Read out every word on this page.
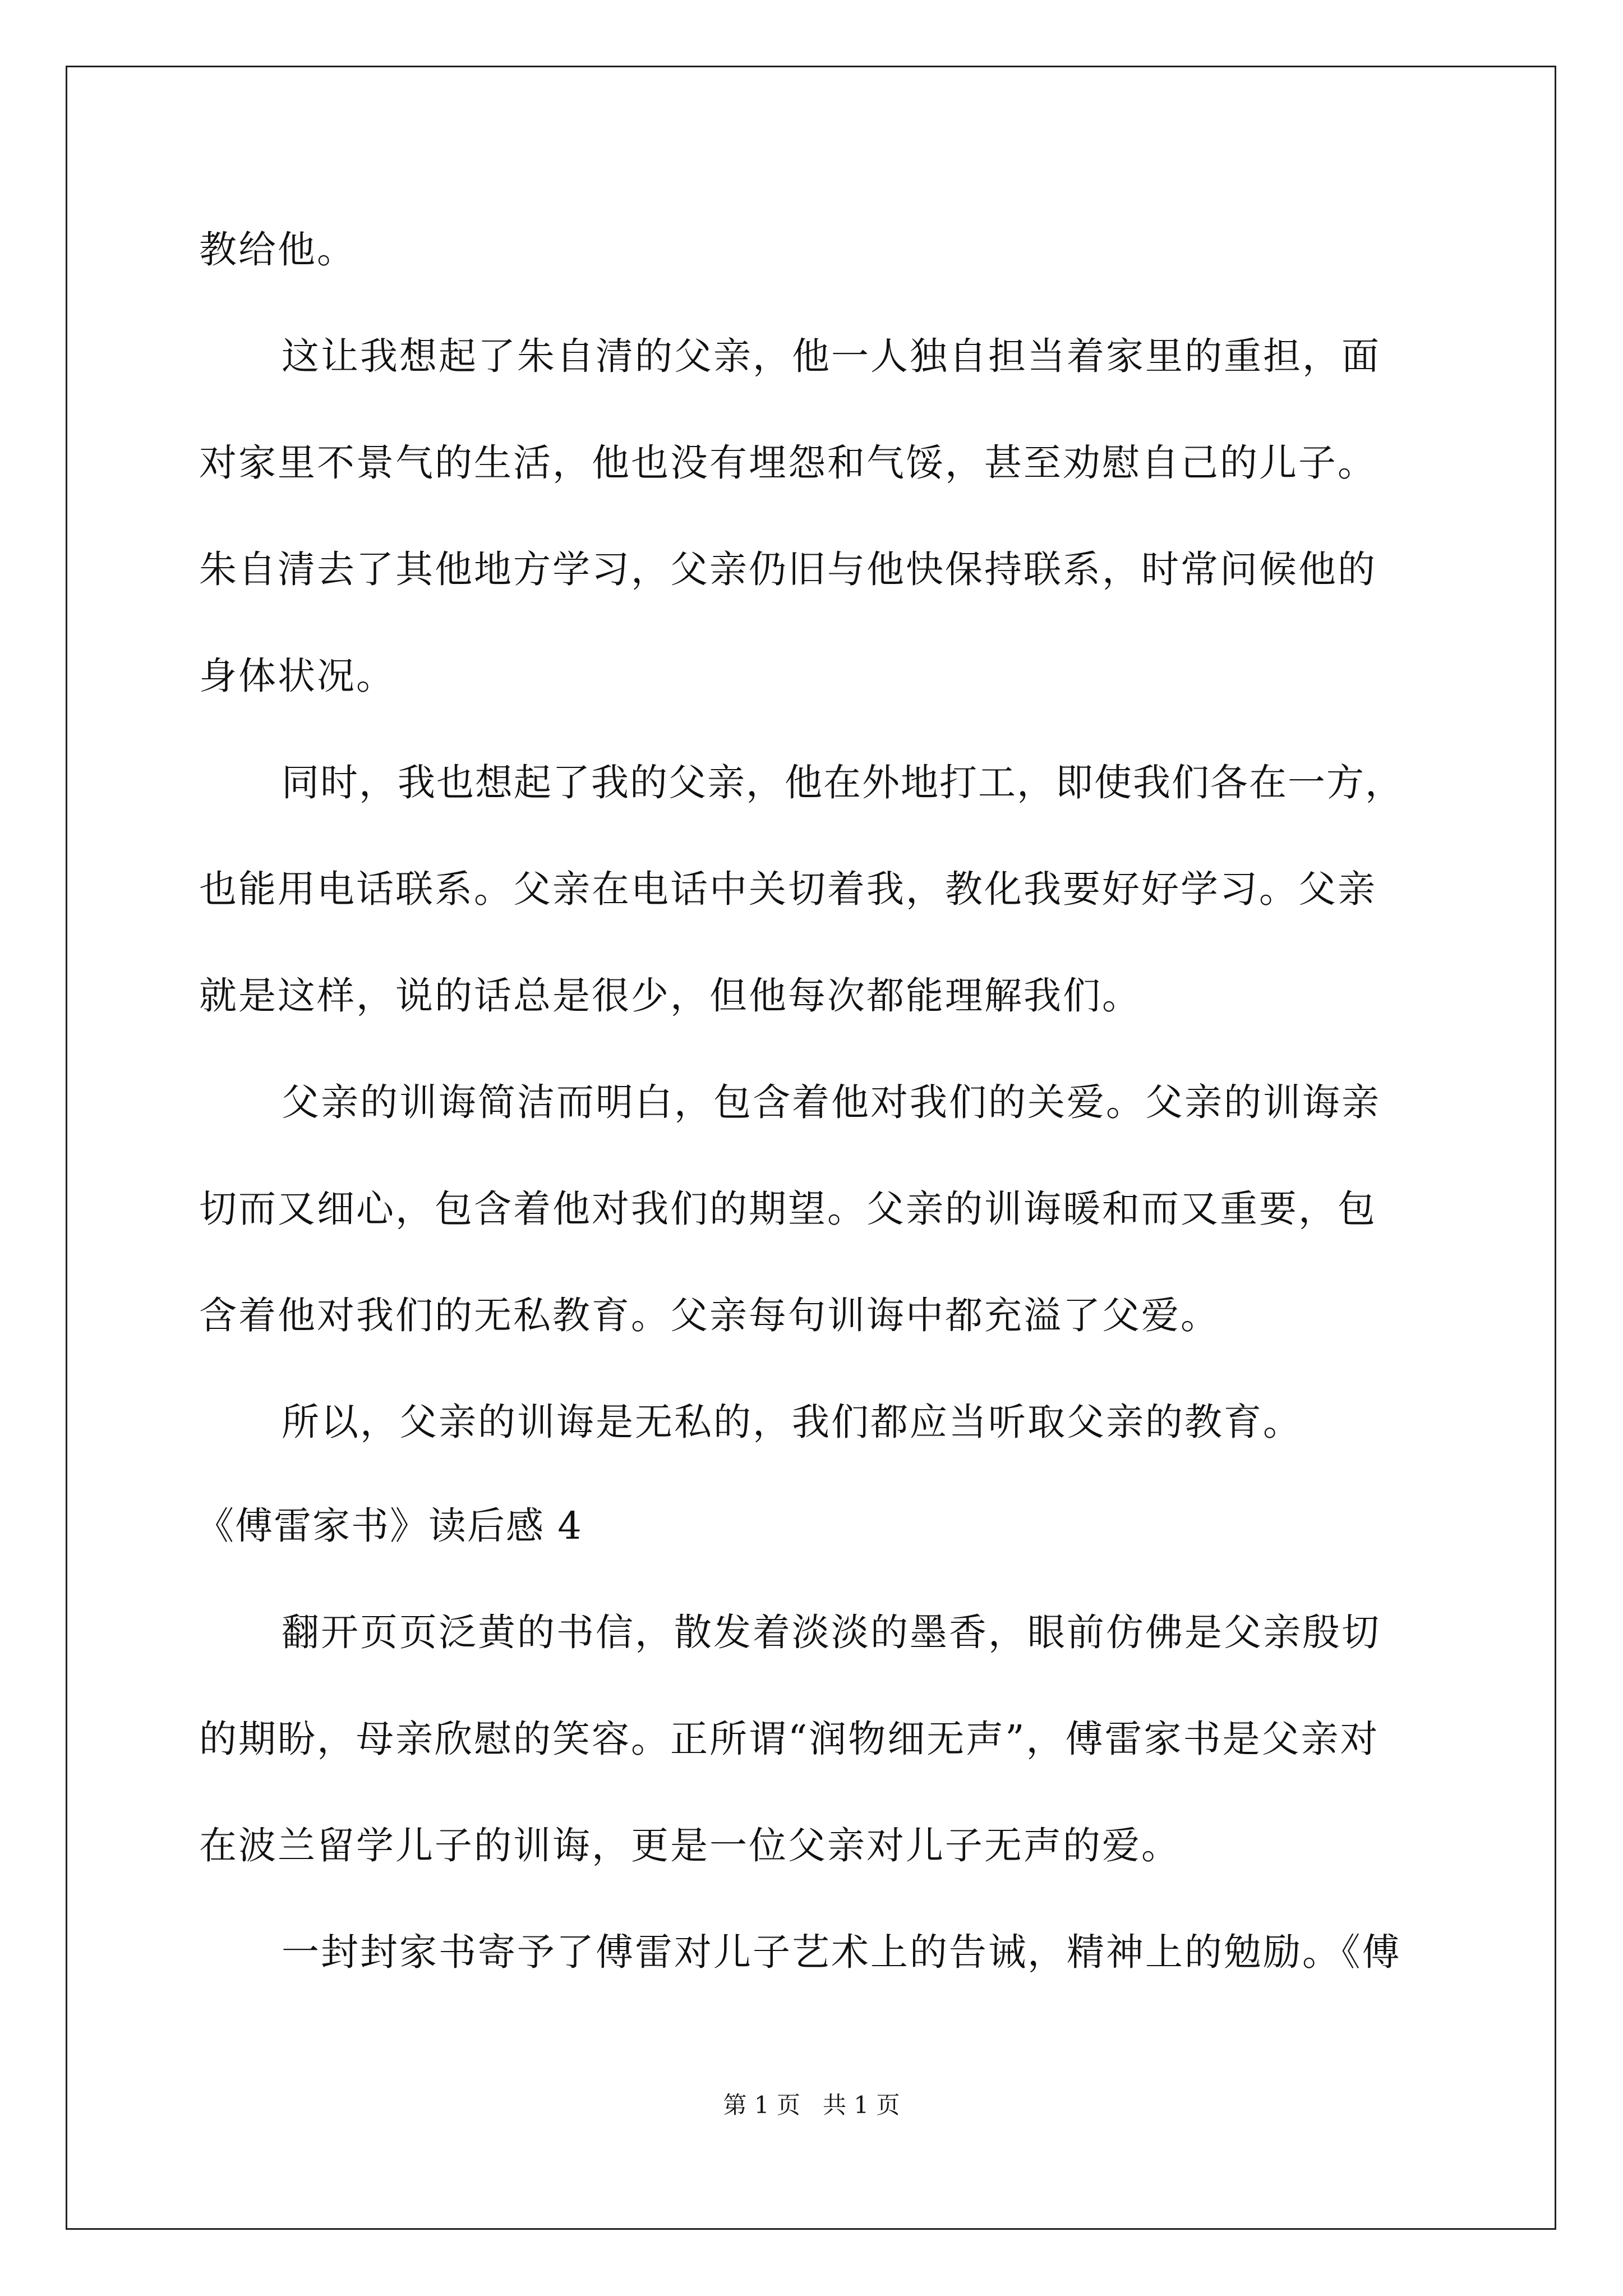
教给他。

这让我想起了朱自清的父亲，他一人独自担当着家里的重担，面

对家里不景气的生活，他也没有埋怨和气馁，甚至劝慰自己的儿子。

朱自清去了其他地方学习，父亲仍旧与他快保持联系，时常问候他的

身体状况。

同时，我也想起了我的父亲，他在外地打工，即使我们各在一方，

也能用电话联系。父亲在电话中关切着我，教化我要好好学习。父亲

就是这样，说的话总是很少，但他每次都能理解我们。

父亲的训诲简洁而明白，包含着他对我们的关爱。父亲的训诲亲

切而又细心，包含着他对我们的期望。父亲的训诲暖和而又重要，包

含着他对我们的无私教育。父亲每句训诲中都充溢了父爱。

所以，父亲的训诲是无私的，我们都应当听取父亲的教育。

《傅雷家书》读后感 4

翻开页页泛黄的书信，散发着淡淡的墨香，眼前仿佛是父亲殷切

的期盼，母亲欣慰的笑容。正所谓“润物细无声”，傅雷家书是父亲对

在波兰留学儿子的训诲，更是一位父亲对儿子无声的爱。

一封封家书寄予了傅雷对儿子艺术上的告诫，精神上的勉励。《傅

第 1 页   共 1 页
